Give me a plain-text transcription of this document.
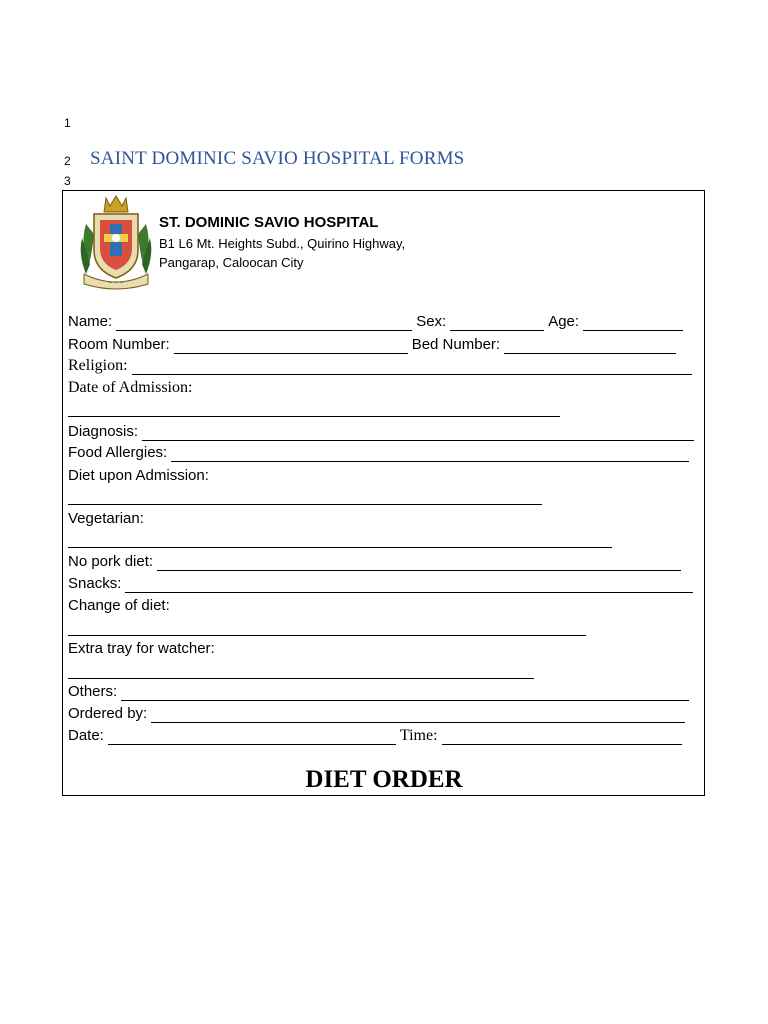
1
2
3
SAINT DOMINIC SAVIO HOSPITAL FORMS
~ ~ ~
ST. DOMINIC SAVIO HOSPITAL
B1 L6 Mt. Heights Subd., Quirino Highway,
Pangarap, Caloocan City
Name:	Sex:	Age:
Room Number:	Bed Number:
Religion:
Date of Admission:
Diagnosis:
Food Allergies:
Diet upon Admission:
Vegetarian:
No pork diet:
Snacks:
Change of diet:
Extra tray for watcher:
Others:
Ordered by:
Date:	Time:
DIET ORDER
